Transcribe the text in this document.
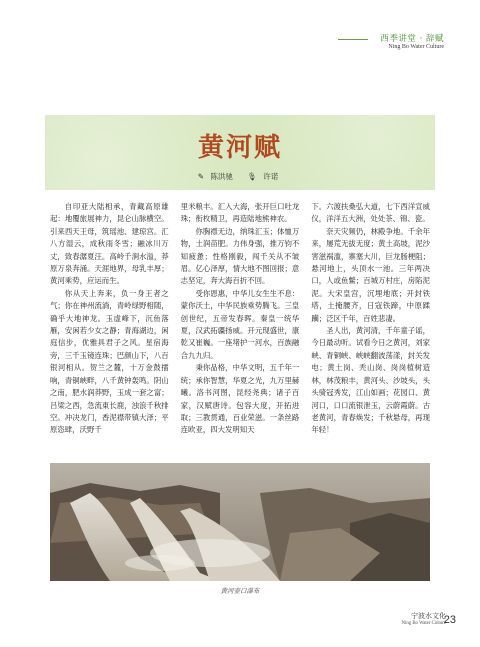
西季讲堂 · 辞赋
Ning Bo Water Culture
黄河赋
✎ 陈洪驰 🎙 许诺

自印亚大陆相承，青藏高原雄起：地覆旅展神力，昆仑山脉横空。引来西天王母，筑瑶池、建琼宫。汇八方湿云，成秋雨冬雪；融冰川万丈，致春潺夏汪。高岭千涧水溢，莽原万泉奔涌。天涯地界，母乳丰厚；黄河乘势，应运而生。

你从天上奔来，负一身王者之气；你在神州流淌，青岭绿野相随，确乎大地神龙。玉虚峰下，沉鱼落雁，安闲若少女之静；青海湖边，闲庭信步，优雅具君子之风。星宿海旁，三千玉镜连珠；巴颜山下，八百银河相从。贺兰之麓，十万金鼓擂响，青铜峡畔，八千黄钟轰鸣。阴山之南，肥水润莽野，玉成一套之富；吕梁之西，急流東长鹿，浊浪千秋排空。冲决龙门，香泥襟带镇大泽；平原恣肆，沃野千

里米粮丰。汇入大海，张开巨口吐龙珠；衔枚精卫，再造陆地熊神农。

你胸襟无边，纳珠汇玉；体恤万物，土润苗肥。力伟身强，推万钧不知疲惫；性格刚毅，闯千关从不皱眉。亿心泽厚，情大地不图回报；意志坚定，奔大海百折不回。

受你恩惠，中华儿女生生不息：蒙你沃土，中华民族乘势腾飞。三皇创世纪，五帝发春晖。秦皇一统华夏，汉武拓疆扬威。开元现盛世，康乾又崔巍。一座堵护一河水，百族融合九九归。

秉你品格，中华文明，五千年一统；承你智慧，华夏之光，九万里赫曦。洛书河图，昆经尧典；诸子百家，汉赋唐诗。包容大度，开拓进取；三教贯通，百业荣滋。一条丝路连欧亚，四大发明知天

下。六渡扶桑弘大道，七下西洋宣威仪，洋洋五大洲，处处茶、锦、瓷。

奈天灾频仍，林殿争地。千余年来，屡荒无拔无度；黄土高坡，泥沙害滋祸滥，寨塞大川，巨龙肠梗阻；悬河地上，头顶水一池。三年两决口，人或鱼鳖；百城万村庄，房陷泥泥。大宋皇宫，沉埋地底；开封铁塔，土掩腰齐，日寇铁蹄，中原蹂躏；泛区千年，百姓悲凄。

圣人出，黄河清，千年童子谣，今日最动听。试看今日之黄河，刘家峡、青铜峡、峡峡翻波荡漾，封关发电；黄土岗、秃山岗、岗岗植树造林，林茂粮丰，黄河头、沙坡头，头头骑冠秀发，江山如画；花园口、黄河口，口口流银泄玉，云蔚霞蔚。古老黄河，青春焕发；千秋悬母，再现年轻！

黄河壶口瀑布
宁波水文化
Ning Bo Water Culture
23
